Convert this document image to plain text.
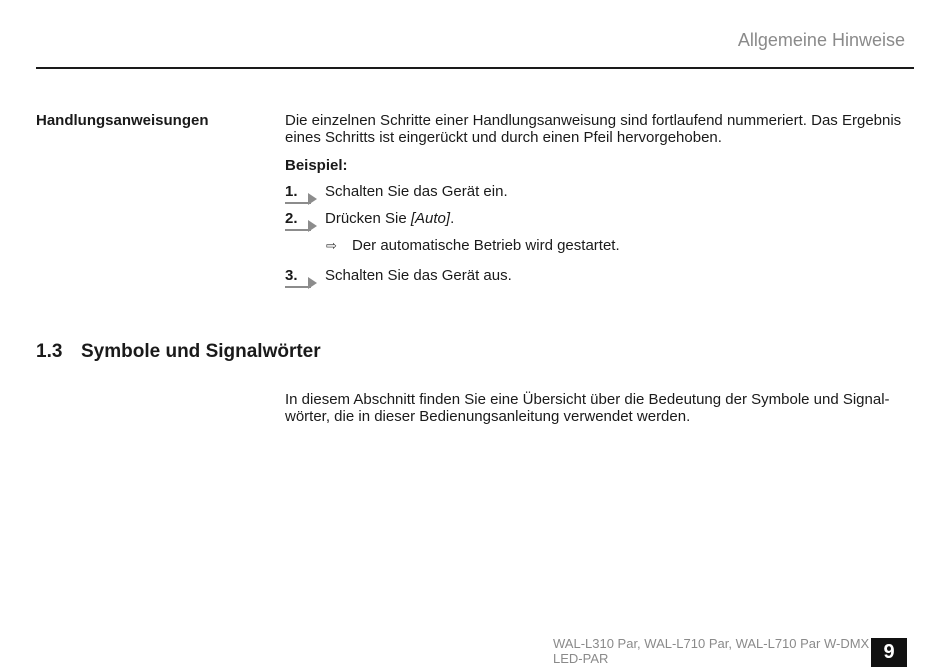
Allgemeine Hinweise
Handlungsanweisungen	Die einzelnen Schritte einer Handlungsanweisung sind fortlaufend nummeriert. Das Ergebnis eines Schritts ist eingerückt und durch einen Pfeil hervorgehoben.
Beispiel:
1.	Schalten Sie das Gerät ein.
2.	Drücken Sie [Auto].
⇨ Der automatische Betrieb wird gestartet.
3.	Schalten Sie das Gerät aus.
1.3 Symbole und Signalwörter
In diesem Abschnitt finden Sie eine Übersicht über die Bedeutung der Symbole und Signal-wörter, die in dieser Bedienungsanleitung verwendet werden.
WAL-L310 Par, WAL-L710 Par, WAL-L710 Par W-DMX
LED-PAR	9
